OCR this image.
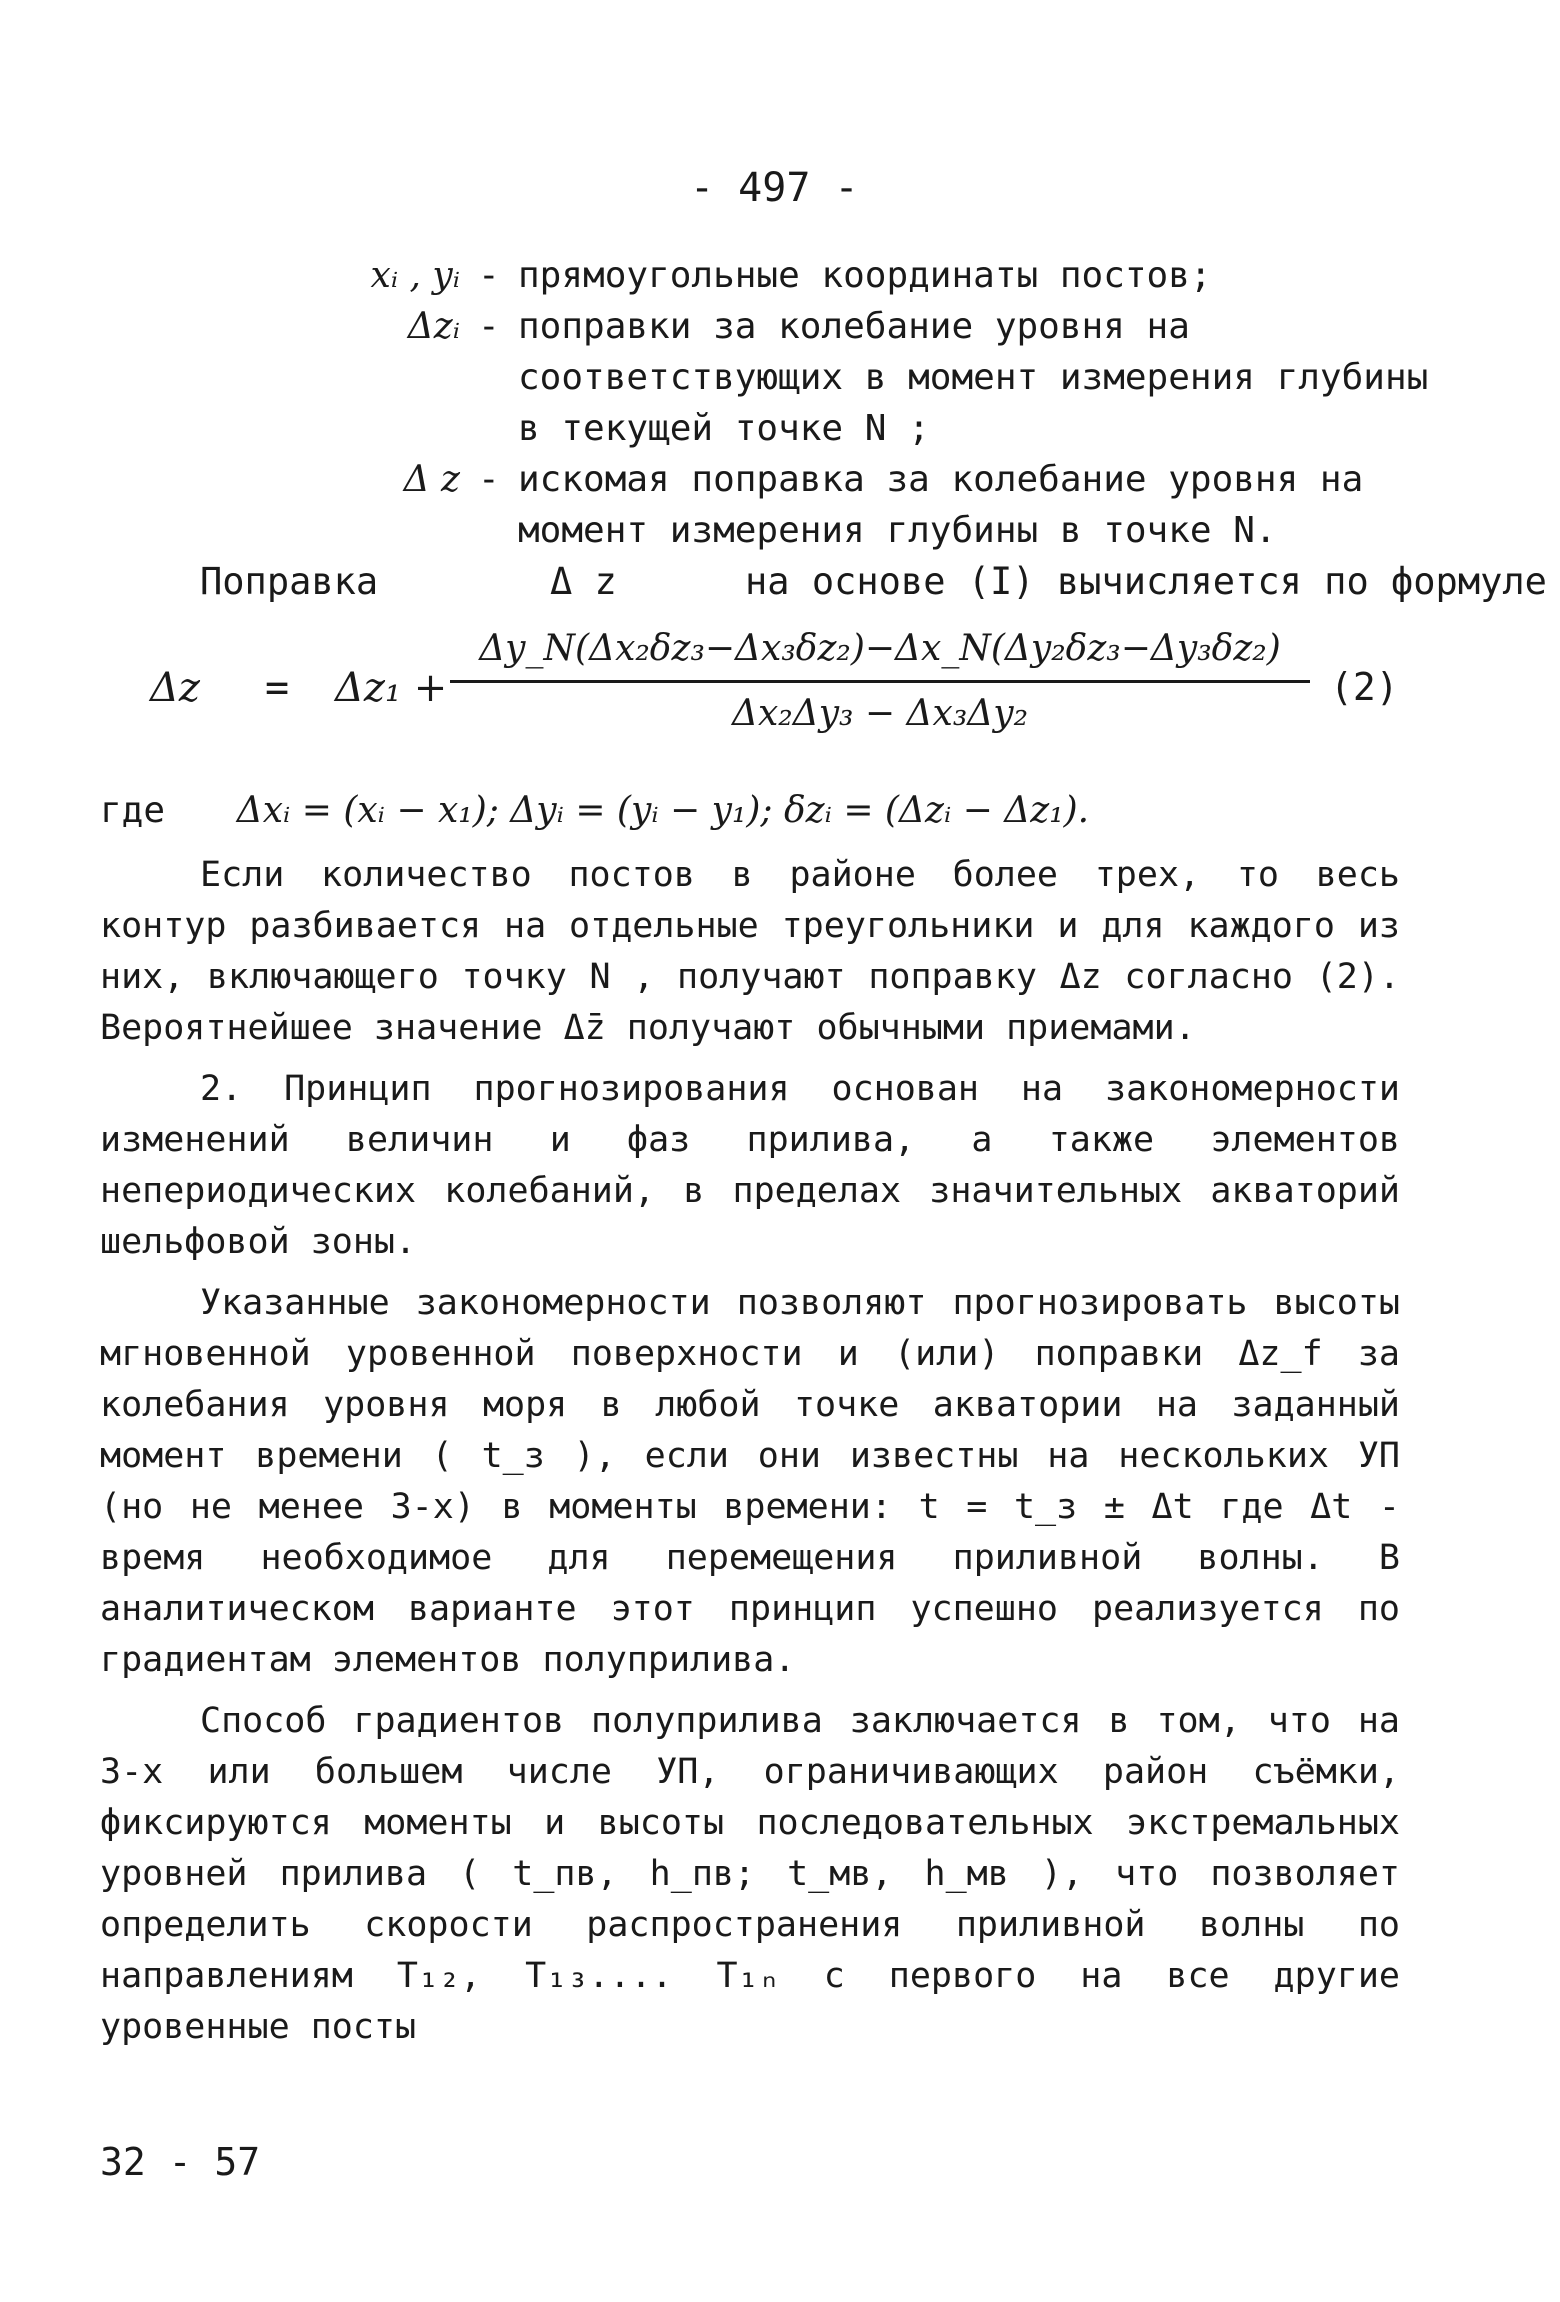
- 497 -
xᵢ , yᵢ - прямоугольные координаты постов;
Δzᵢ - поправки за колебание уровня на соответствующих в момент измерения глубины в текущей точке N ;
Δ z - искомая поправка за колебание уровня на момент измерения глубины в точке N.
Поправка	Δ z	на основе (I) вычисляется по формуле
Δz = Δz₁ +
Δy_N(Δx₂δz₃−Δx₃δz₂)−Δx_N(Δy₂δz₃−Δy₃δz₂)
Δx₂Δy₃ − Δx₃Δy₂
(2)
где Δxᵢ = (xᵢ − x₁); Δyᵢ = (yᵢ − y₁); δzᵢ = (Δzᵢ − Δz₁).

Если количество постов в районе более трех, то весь контур разбивается на отдельные треугольники и для каждого из них, включающего точку N , получают поправку Δz согласно (2). Вероятнейшее значение Δz̄ получают обычными приемами.

2. Принцип прогнозирования основан на закономерности изменений величин и фаз прилива, а также элементов непериодических колебаний, в пределах значительных акваторий шельфовой зоны.

Указанные закономерности позволяют прогнозировать высоты мгновенной уровенной поверхности и (или) поправки Δz_f за колебания уровня моря в любой точке акватории на заданный момент времени ( t_з ), если они известны на нескольких УП (но не менее 3-х) в моменты времени: t = t_з ± Δt где Δt - время необходимое для перемещения приливной волны. В аналитическом варианте этот принцип успешно реализуется по градиентам элементов полуприлива.

Способ градиентов полуприлива заключается в том, что на 3-х или большем числе УП, ограничивающих район съёмки, фиксируются моменты и высоты последовательных экстремальных уровней прилива ( t_пв, h_пв; t_мв, h_мв ), что позволяет определить скорости распространения приливной волны по направлениям T₁₂, T₁₃.... T₁ₙ с первого на все другие уровенные посты

32 - 57
